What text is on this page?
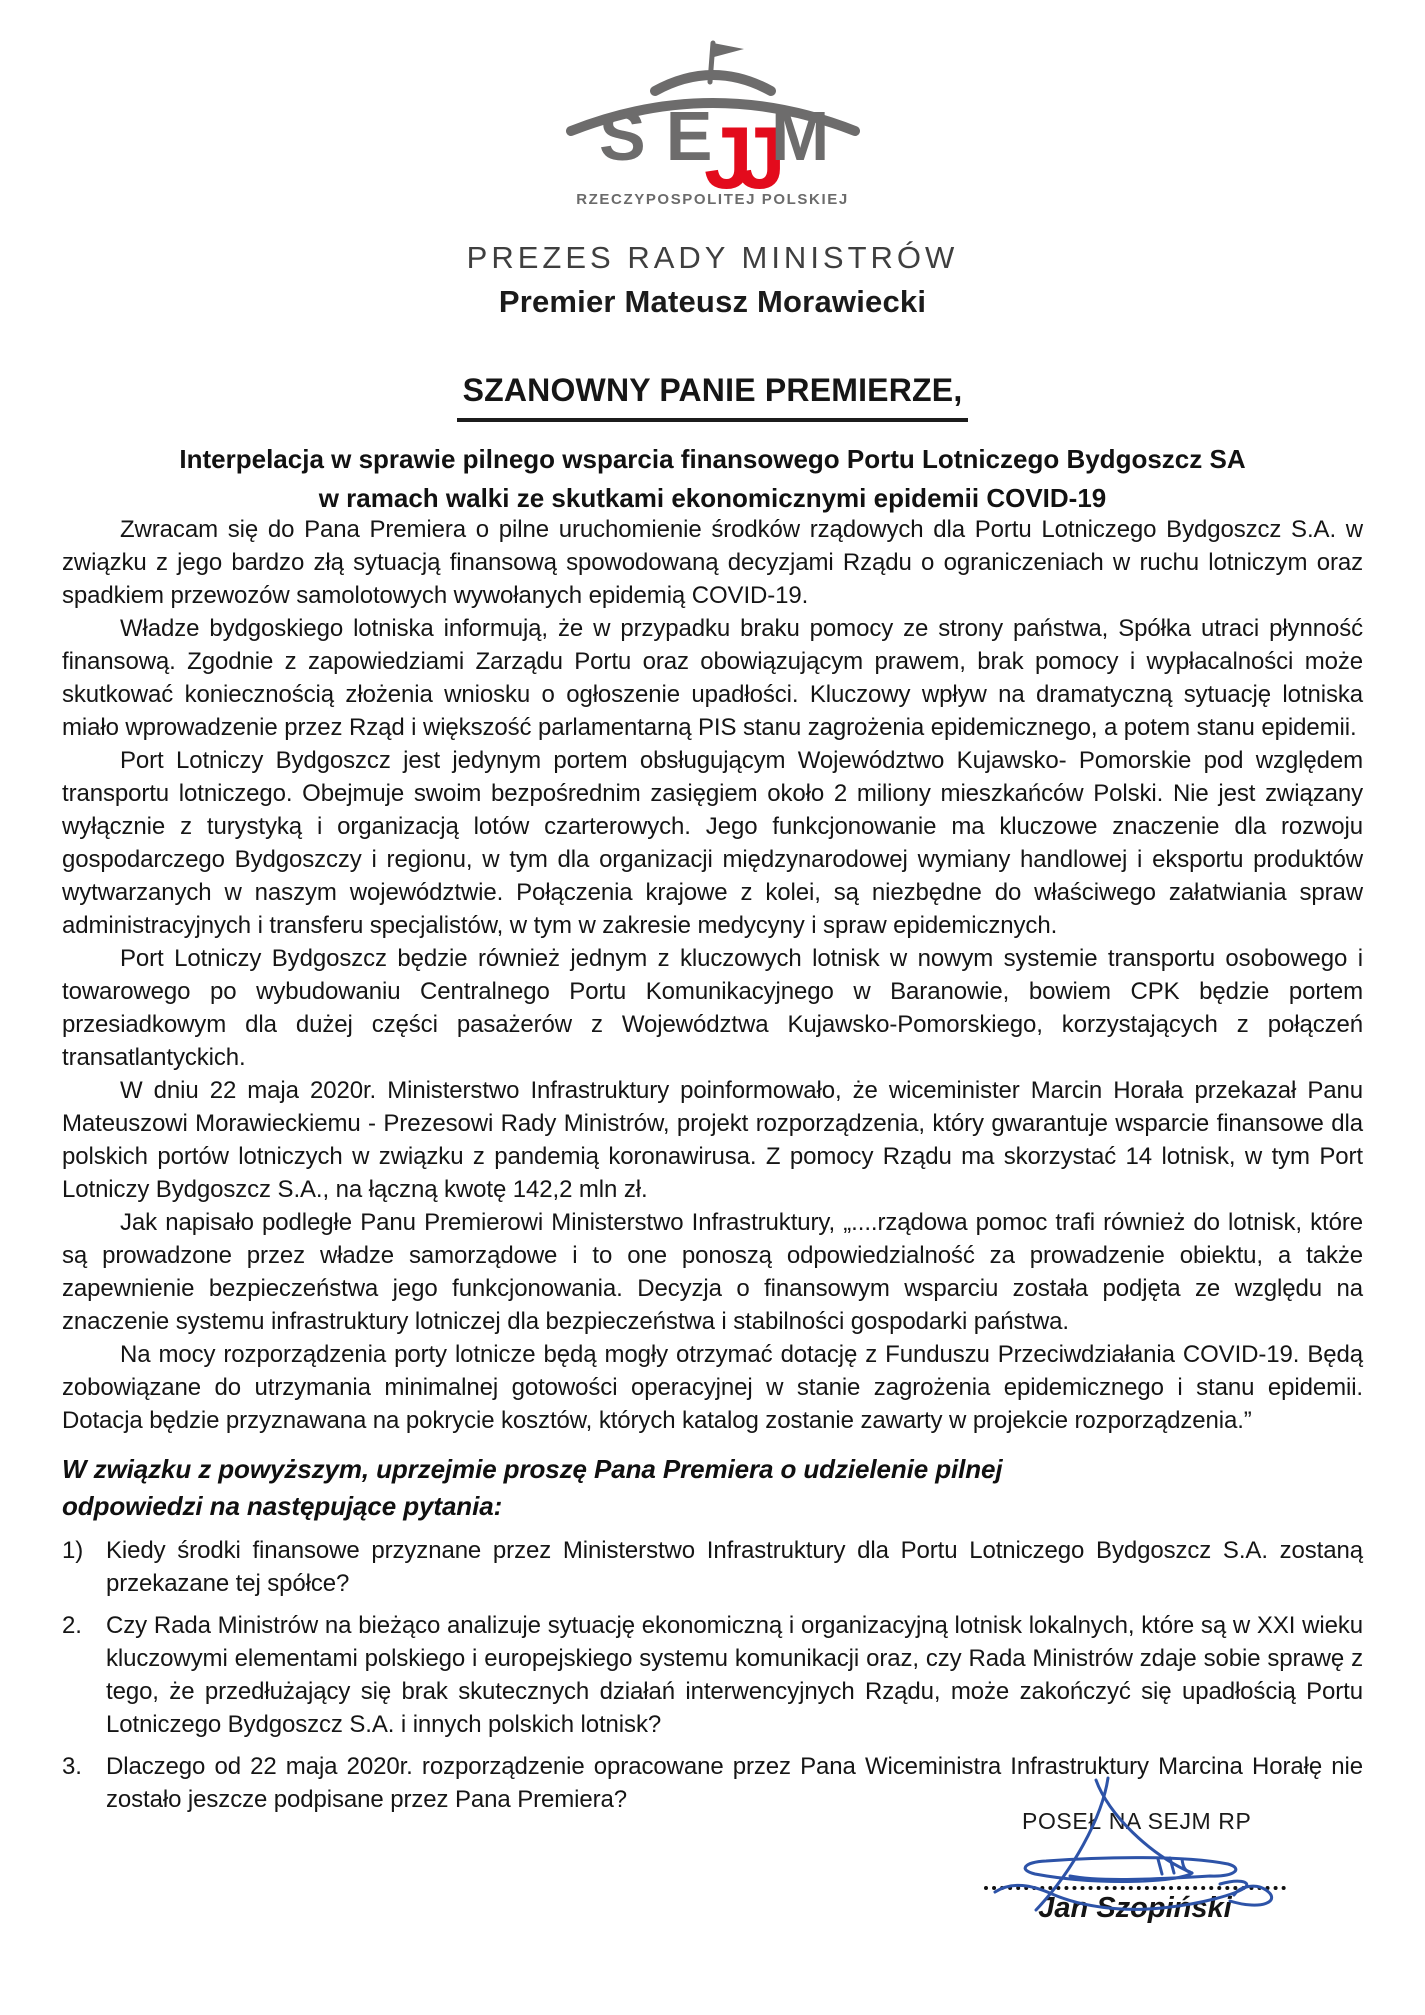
SE
JJ M
RZECZYPOSPOLITEJ POLSKIEJ
PREZES RADY MINISTRÓW
Premier Mateusz Morawiecki
SZANOWNY PANIE PREMIERZE,
Interpelacja w sprawie pilnego wsparcia finansowego Portu Lotniczego Bydgoszcz SA
w ramach walki ze skutkami ekonomicznymi epidemii COVID-19

Zwracam się do Pana Premiera o pilne uruchomienie środków rządowych dla Portu Lotniczego Bydgoszcz S.A. w związku z jego bardzo złą sytuacją finansową spowodowaną decyzjami Rządu o ograniczeniach w ruchu lotniczym oraz spadkiem przewozów samolotowych wywołanych epidemią COVID-19.

Władze bydgoskiego lotniska informują, że w przypadku braku pomocy ze strony państwa, Spółka utraci płynność finansową. Zgodnie z zapowiedziami Zarządu Portu oraz obowiązującym prawem, brak pomocy i wypłacalności może skutkować koniecznością złożenia wniosku o ogłoszenie upadłości. Kluczowy wpływ na dramatyczną sytuację lotniska miało wprowadzenie przez Rząd i większość parlamentarną PIS stanu zagrożenia epidemicznego, a potem stanu epidemii.

Port Lotniczy Bydgoszcz jest jedynym portem obsługującym Województwo Kujawsko- Pomorskie pod względem transportu lotniczego. Obejmuje swoim bezpośrednim zasięgiem około 2 miliony mieszkańców Polski. Nie jest związany wyłącznie z turystyką i organizacją lotów czarterowych. Jego funkcjonowanie ma kluczowe znaczenie dla rozwoju gospodarczego Bydgoszczy i regionu, w tym dla organizacji międzynarodowej wymiany handlowej i eksportu produktów wytwarzanych w naszym województwie. Połączenia krajowe z kolei, są niezbędne do właściwego załatwiania spraw administracyjnych i transferu specjalistów, w tym w zakresie medycyny i spraw epidemicznych.

Port Lotniczy Bydgoszcz będzie również jednym z kluczowych lotnisk w nowym systemie transportu osobowego i towarowego po wybudowaniu Centralnego Portu Komunikacyjnego w Baranowie, bowiem CPK będzie portem przesiadkowym dla dużej części pasażerów z Województwa Kujawsko-Pomorskiego, korzystających z połączeń transatlantyckich.

W dniu 22 maja 2020r. Ministerstwo Infrastruktury poinformowało, że wiceminister Marcin Horała przekazał Panu Mateuszowi Morawieckiemu - Prezesowi Rady Ministrów, projekt rozporządzenia, który gwarantuje wsparcie finansowe dla polskich portów lotniczych w związku z pandemią koronawirusa. Z pomocy Rządu ma skorzystać 14 lotnisk, w tym Port Lotniczy Bydgoszcz S.A., na łączną kwotę 142,2 mln zł.

Jak napisało podległe Panu Premierowi Ministerstwo Infrastruktury, „....rządowa pomoc trafi również do lotnisk, które są prowadzone przez władze samorządowe i to one ponoszą odpowiedzialność za prowadzenie obiektu, a także zapewnienie bezpieczeństwa jego funkcjonowania. Decyzja o finansowym wsparciu została podjęta ze względu na znaczenie systemu infrastruktury lotniczej dla bezpieczeństwa i stabilności gospodarki państwa.

Na mocy rozporządzenia porty lotnicze będą mogły otrzymać dotację z Funduszu Przeciwdziałania COVID-19. Będą zobowiązane do utrzymania minimalnej gotowości operacyjnej w stanie zagrożenia epidemicznego i stanu epidemii. Dotacja będzie przyznawana na pokrycie kosztów, których katalog zostanie zawarty w projekcie rozporządzenia.”

W związku z powyższym, uprzejmie proszę Pana Premiera o udzielenie pilnej
odpowiedzi na następujące pytania:
1) Kiedy środki finansowe przyznane przez Ministerstwo Infrastruktury dla Portu Lotniczego Bydgoszcz S.A. zostaną przekazane tej spółce?
2. Czy Rada Ministrów na bieżąco analizuje sytuację ekonomiczną i organizacyjną lotnisk lokalnych, które są w XXI wieku kluczowymi elementami polskiego i europejskiego systemu komunikacji oraz, czy Rada Ministrów zdaje sobie sprawę z tego, że przedłużający się brak skutecznych działań interwencyjnych Rządu, może zakończyć się upadłością Portu Lotniczego Bydgoszcz S.A. i innych polskich lotnisk?
3. Dlaczego od 22 maja 2020r. rozporządzenie opracowane przez Pana Wiceministra Infrastruktury Marcina Horałę nie zostało jeszcze podpisane przez Pana Premiera?
POSEŁ NA SEJM RP
Jan Szopiński
